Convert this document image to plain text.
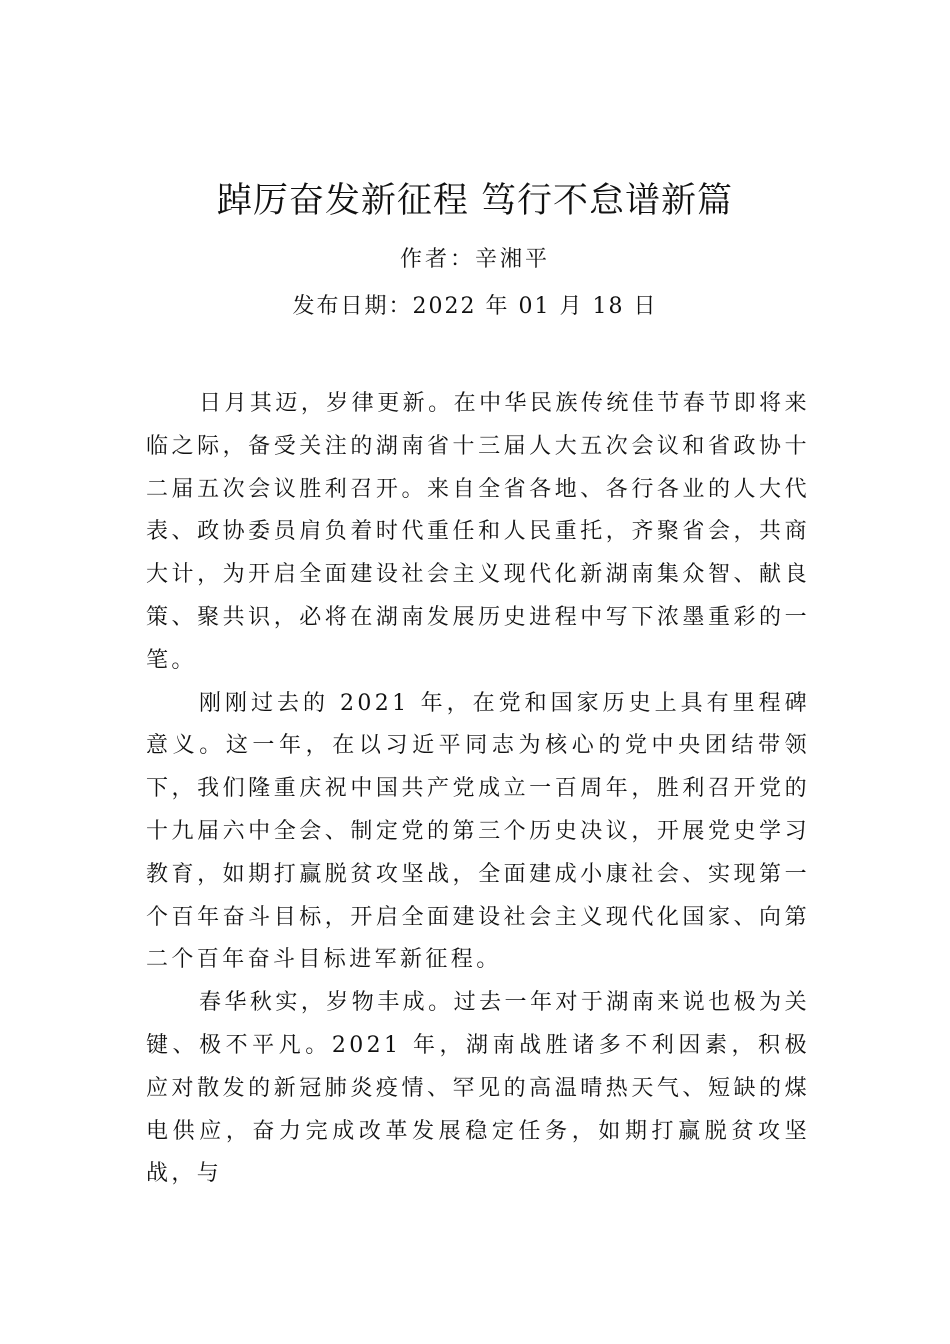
踔厉奋发新征程 笃行不怠谱新篇
作者：辛湘平
发布日期：2022 年 01 月 18 日

日月其迈，岁律更新。在中华民族传统佳节春节即将来临之际，备受关注的湖南省十三届人大五次会议和省政协十二届五次会议胜利召开。来自全省各地、各行各业的人大代表、政协委员肩负着时代重任和人民重托，齐聚省会，共商大计，为开启全面建设社会主义现代化新湖南集众智、献良策、聚共识，必将在湖南发展历史进程中写下浓墨重彩的一笔。

刚刚过去的 2021 年，在党和国家历史上具有里程碑意义。这一年，在以习近平同志为核心的党中央团结带领下，我们隆重庆祝中国共产党成立一百周年，胜利召开党的十九届六中全会、制定党的第三个历史决议，开展党史学习教育，如期打赢脱贫攻坚战，全面建成小康社会、实现第一个百年奋斗目标，开启全面建设社会主义现代化国家、向第二个百年奋斗目标进军新征程。

春华秋实，岁物丰成。过去一年对于湖南来说也极为关键、极不平凡。2021 年，湖南战胜诸多不利因素，积极应对散发的新冠肺炎疫情、罕见的高温晴热天气、短缺的煤电供应，奋力完成改革发展稳定任务，如期打赢脱贫攻坚战，与
